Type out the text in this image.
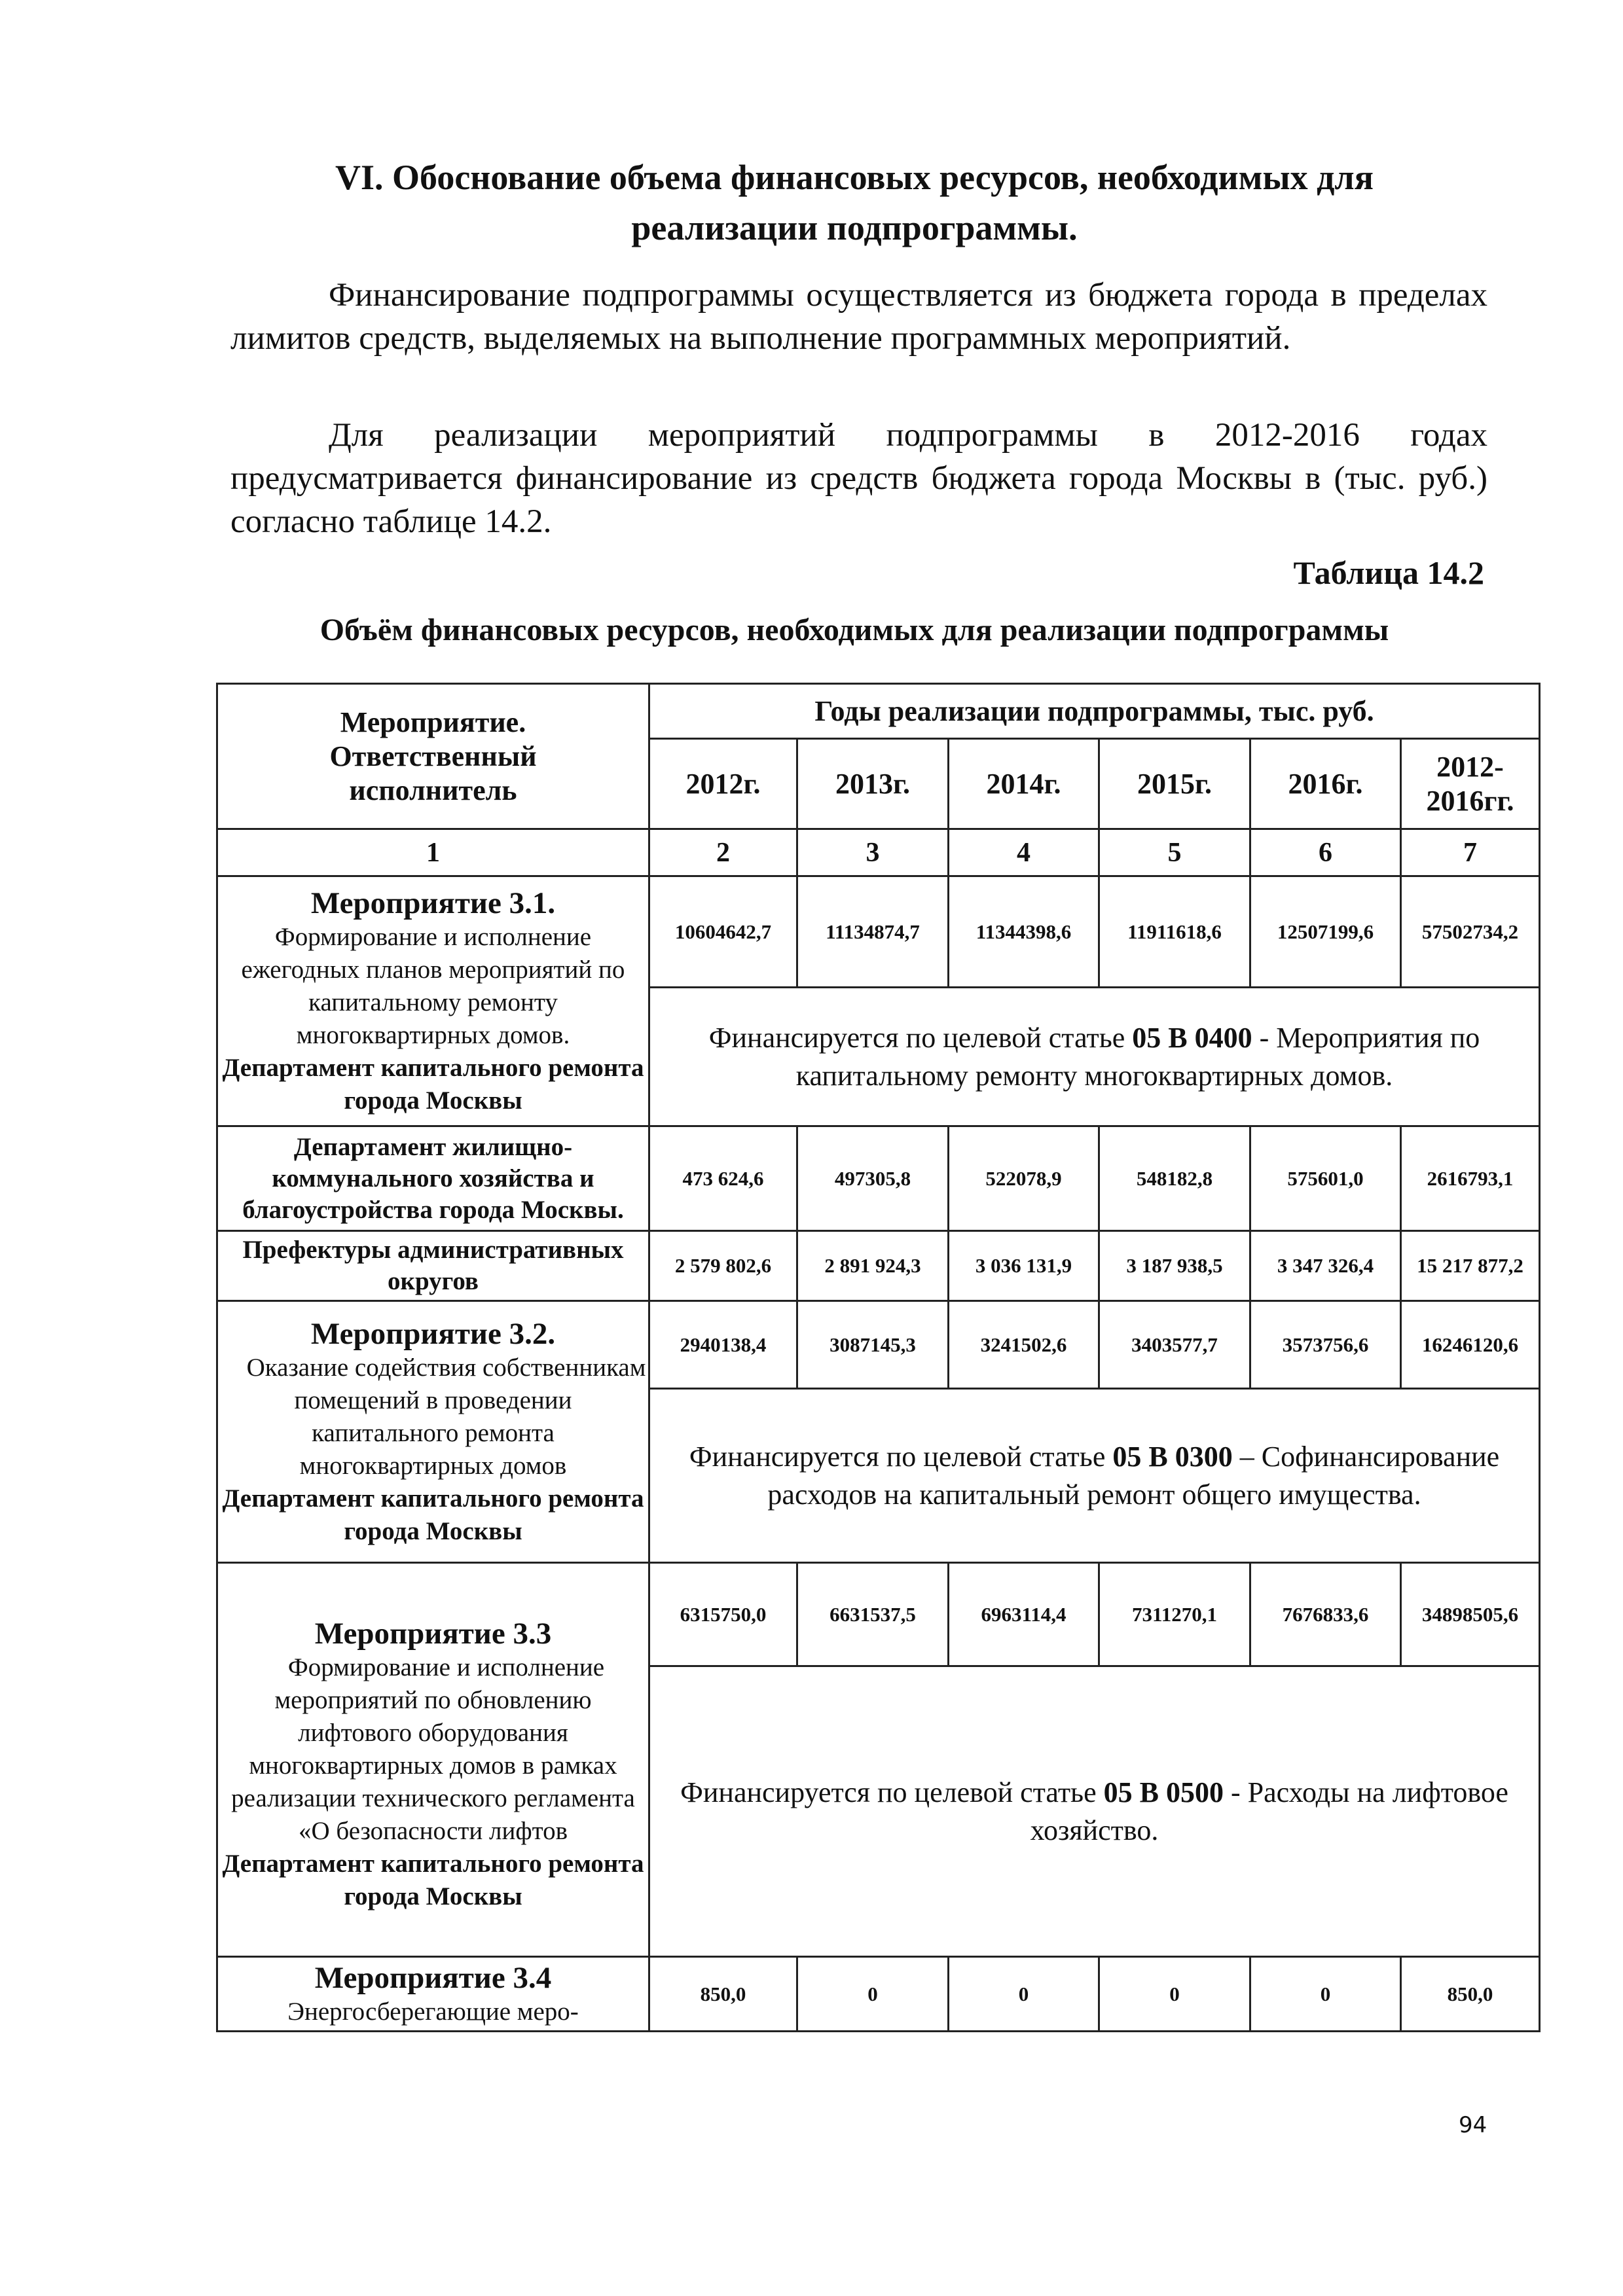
VI. Обоснование объема финансовых ресурсов, необходимых для
реализации подпрограммы.
Финансирование подпрограммы осуществляется из бюджета города в пределах лимитов средств, выделяемых на выполнение программных мероприятий.
Для реализации мероприятий подпрограммы в 2012-2016 годах предусматривается финансирование из средств бюджета города Москвы в (тыс. руб.) согласно таблице 14.2.
Таблица 14.2
Объём финансовых ресурсов, необходимых для реализации подпрограммы
Мероприятие. Ответственный исполнитель	Годы реализации подпрограммы, тыс. руб.					
	2012г.	2013г.	2014г.	2015г.	2016г.	2012-2016гг.
1	2	3	4	5	6	7

Мероприятие 3.1.
Формирование и исполнение ежегодных планов мероприятий по капитальному ремонту многоквартирных домов.
Департамент капитального ремонта города Москвы	10604642,7	11134874,7	11344398,6	11911618,6	12507199,6	57502734,2
	Финансируется по целевой статье 05 В 0400 - Мероприятия по капитальному ремонту многоквартирных домов.					
Департамент жилищно-коммунального хозяйства и благоустройства города Москвы.	473 624,6	497305,8	522078,9	548182,8	575601,0	2616793,1
Префектуры административных округов	2 579 802,6	2 891 924,3	3 036 131,9	3 187 938,5	3 347 326,4	15 217 877,2

Мероприятие 3.2.
Оказание содействия собственникам помещений в проведении капитального ремонта многоквартирных домов
Департамент капитального ремонта города Москвы	2940138,4	3087145,3	3241502,6	3403577,7	3573756,6	16246120,6
	Финансируется по целевой статье 05 В 0300 – Софинансирование расходов на капитальный ремонт общего имущества.					

Мероприятие 3.3
Формирование и исполнение мероприятий по обновлению лифтового оборудования многоквартирных домов в рамках реализации технического регламента «О безопасности лифтов
Департамент капитального ремонта города Москвы	6315750,0	6631537,5	6963114,4	7311270,1	7676833,6	34898505,6
	Финансируется по целевой статье 05 В 0500 - Расходы на лифтовое хозяйство.					

Мероприятие 3.4
Энергосберегающие меро-	850,0	0	0	0	0	850,0
94
